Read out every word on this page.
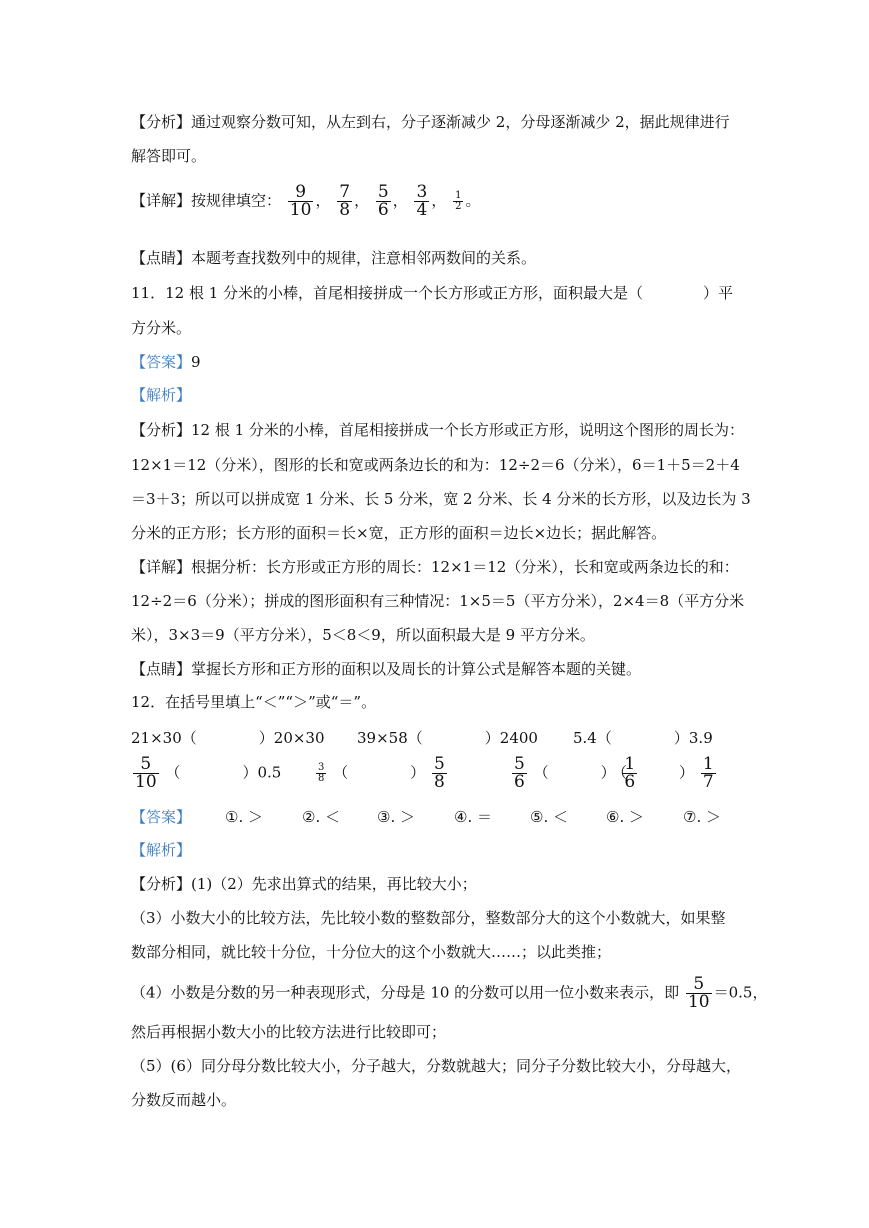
【分析】通过观察分数可知，从左到右，分子逐渐减少 2，分母逐渐减少 2，据此规律进行
解答即可。
【详解】按规律填空： $\frac{9}{10}$ ， $\frac{7}{8}$ ， $\frac{5}{6}$ ， $\frac{3}{4}$ ， $\frac{1}{2}$ 。
【点睛】本题考查找数列中的规律，注意相邻两数间的关系。
11．12 根 1 分米的小棒，首尾相接拼成一个长方形或正方形，面积最大是（　　　　）平
方分米。
【答案】9
【解析】
【分析】12 根 1 分米的小棒，首尾相接拼成一个长方形或正方形，说明这个图形的周长为：
12×1＝12（分米），图形的长和宽或两条边长的和为：12÷2＝6（分米），6＝1＋5＝2＋4
＝3＋3；所以可以拼成宽 1 分米、长 5 分米，宽 2 分米、长 4 分米的长方形，以及边长为 3
分米的正方形；长方形的面积＝长×宽，正方形的面积＝边长×边长；据此解答。
【详解】根据分析：长方形或正方形的周长：12×1＝12（分米），长和宽或两条边长的和：
12÷2＝6（分米）；拼成的图形面积有三种情况：1×5＝5（平方分米），2×4＝8（平方分米
米），3×3＝9（平方分米），5＜8＜9，所以面积最大是 9 平方分米。
【点睛】掌握长方形和正方形的面积以及周长的计算公式是解答本题的关键。
12．在括号里填上“＜”“＞”或“＝”。
21×30（	）20×30 39×58（	）2400 5.4（	）3.9
$\frac{5}{10}$ （	）0.5	$\frac{3}{8}$ （	） $\frac{5}{8}$	$\frac{5}{6}$ （	） $\frac{1}{6}$
（	） $\frac{1}{7}$
【答案】 ①. ＞	②. ＜ ③. ＞	④. ＝	⑤. ＜	⑥. ＞	⑦. ＞
【解析】
【分析】(1)（2）先求出算式的结果，再比较大小；
（3）小数大小的比较方法，先比较小数的整数部分，整数部分大的这个小数就大，如果整
数部分相同，就比较十分位，十分位大的这个小数就大……；以此类推；
（4）小数是分数的另一种表现形式，分母是 10 的分数可以用一位小数来表示，即 $\frac{5}{10} =0.5$，
然后再根据小数大小的比较方法进行比较即可；
（5）(6）同分母分数比较大小，分子越大，分数就越大；同分子分数比较大小，分母越大，
分数反而越小。
